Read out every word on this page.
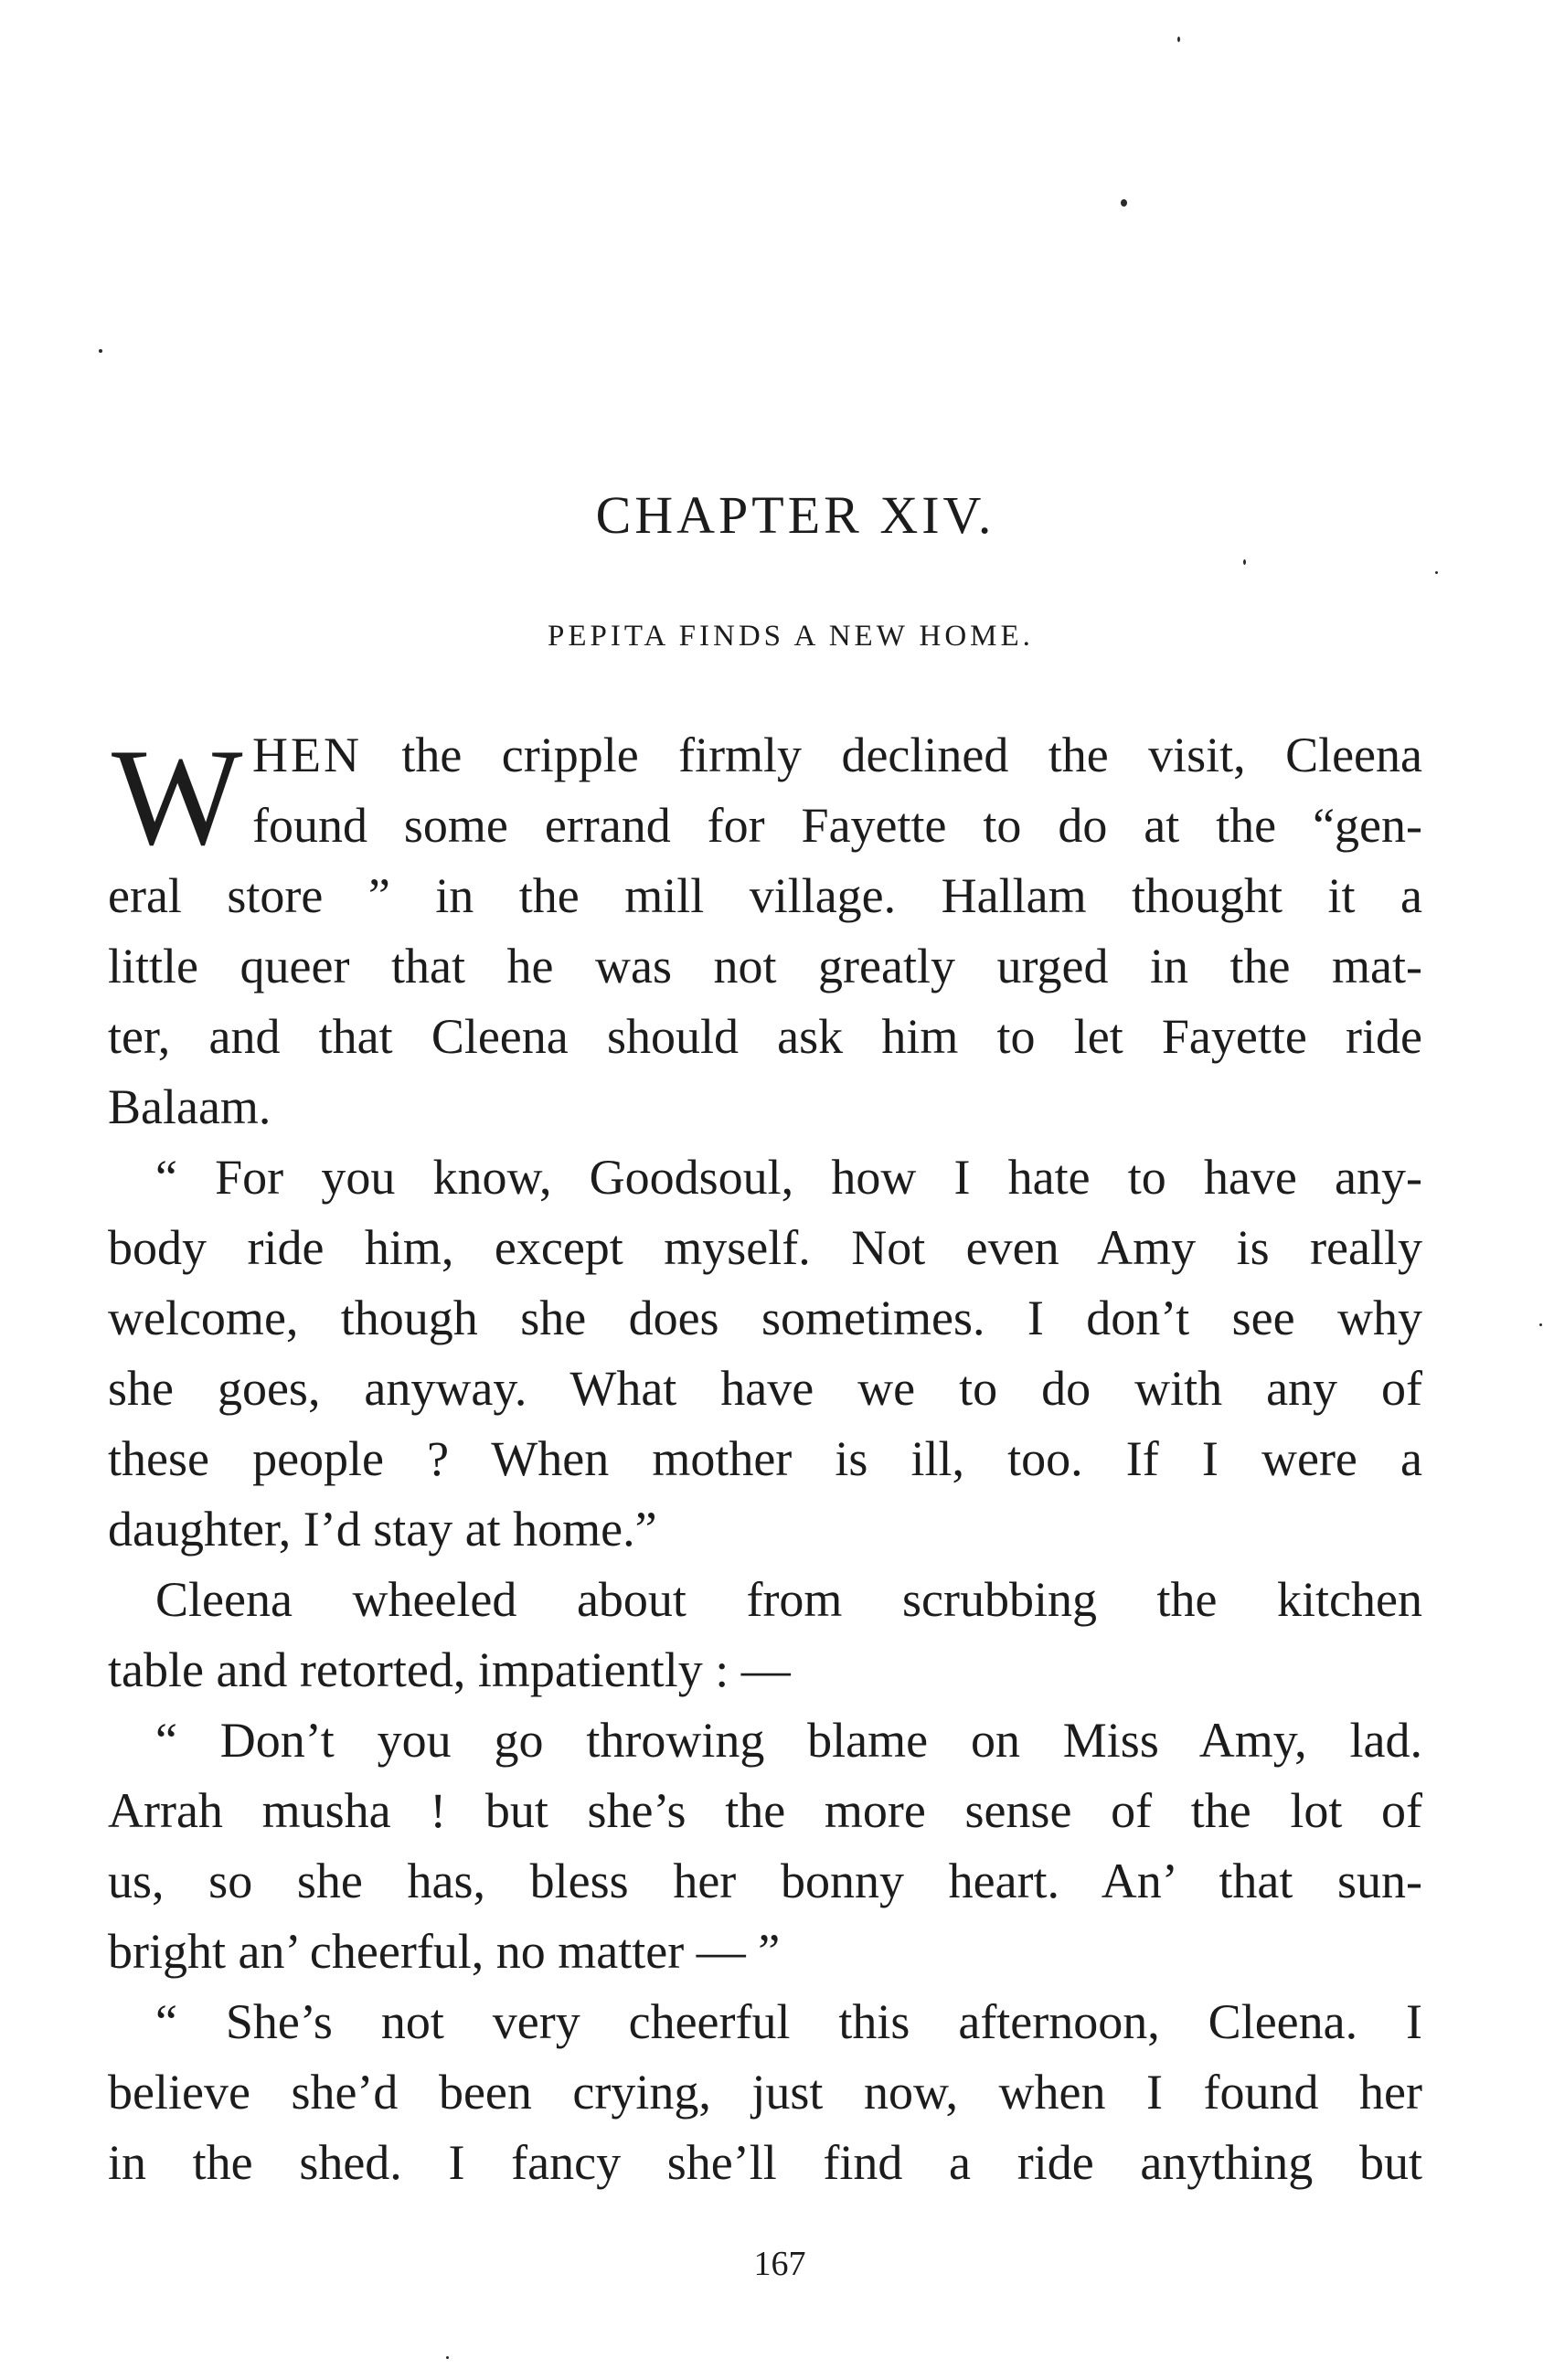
CHAPTER XIV.
PEPITA FINDS A NEW HOME.
W HEN the cripple firmly declined the visit, Cleena
found some errand for Fayette to do at the “gen-
eral store ” in the mill village. Hallam thought it a
little queer that he was not greatly urged in the mat-
ter, and that Cleena should ask him to let Fayette ride
Balaam.
“ For you know, Goodsoul, how I hate to have any-
body ride him, except myself. Not even Amy is really
welcome, though she does sometimes. I don’t see why
she goes, anyway. What have we to do with any of
these people ? When mother is ill, too. If I were a
daughter, I’d stay at home.”
Cleena wheeled about from scrubbing the kitchen
table and retorted, impatiently : —
“ Don’t you go throwing blame on Miss Amy, lad.
Arrah musha ! but she’s the more sense of the lot of
us, so she has, bless her bonny heart. An’ that sun-
bright an’ cheerful, no matter — ”
“ She’s not very cheerful this afternoon, Cleena. I
believe she’d been crying, just now, when I found her
in the shed. I fancy she’ll find a ride anything but
167
